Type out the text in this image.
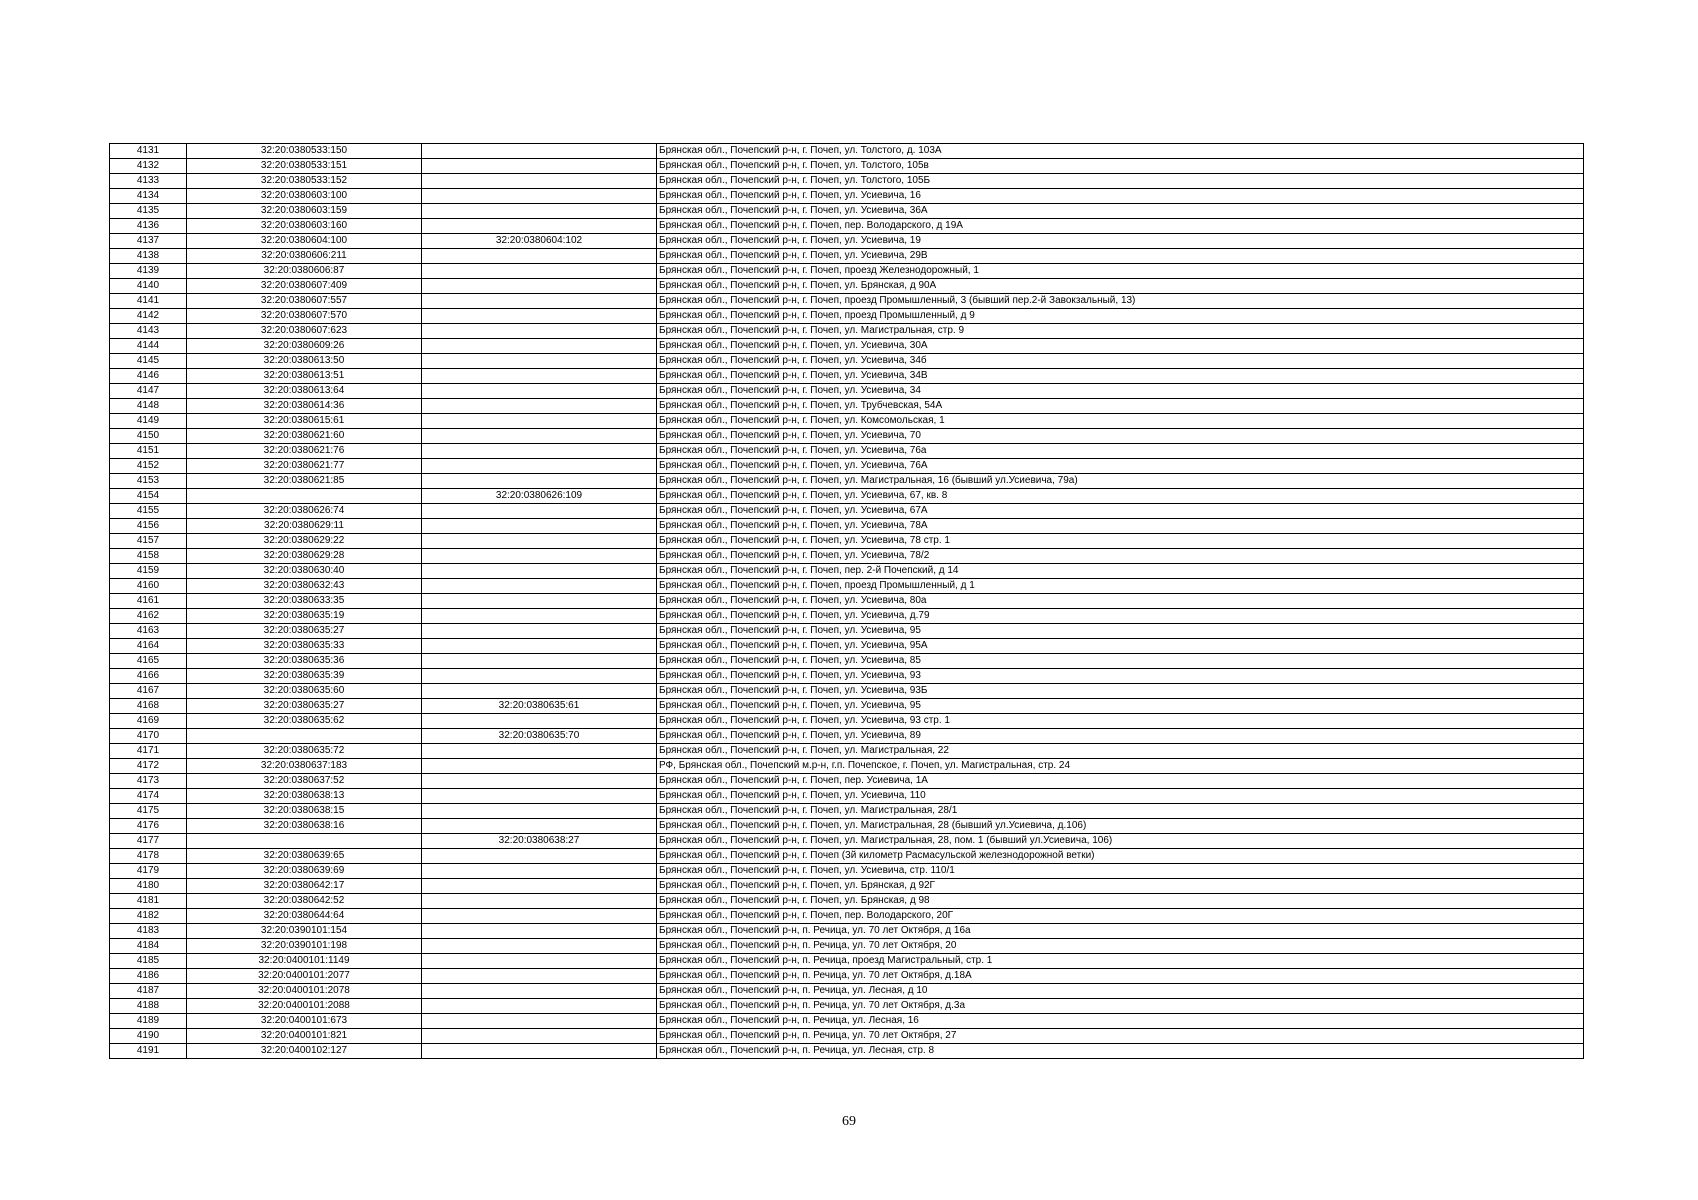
4131	32:20:0380533:150		Брянская обл., Почепский р-н, г. Почеп, ул. Толстого, д. 103А
4132	32:20:0380533:151		Брянская обл., Почепский р-н, г. Почеп, ул. Толстого, 105в
4133	32:20:0380533:152		Брянская обл., Почепский р-н, г. Почеп, ул. Толстого, 105Б
4134	32:20:0380603:100		Брянская обл., Почепский р-н, г. Почеп, ул. Усиевича, 16
4135	32:20:0380603:159		Брянская обл., Почепский р-н, г. Почеп, ул. Усиевича, 36А
4136	32:20:0380603:160		Брянская обл., Почепский р-н, г. Почеп, пер. Володарского, д 19А
4137	32:20:0380604:100	32:20:0380604:102	Брянская обл., Почепский р-н, г. Почеп, ул. Усиевича, 19
4138	32:20:0380606:211		Брянская обл., Почепский р-н, г. Почеп, ул. Усиевича, 29В
4139	32:20:0380606:87		Брянская обл., Почепский р-н, г. Почеп, проезд Железнодорожный, 1
4140	32:20:0380607:409		Брянская обл., Почепский р-н, г. Почеп, ул. Брянская, д 90А
4141	32:20:0380607:557		Брянская обл., Почепский р-н, г. Почеп, проезд Промышленный, 3 (бывший пер.2-й Завокзальный, 13)
4142	32:20:0380607:570		Брянская обл., Почепский р-н, г. Почеп, проезд Промышленный, д 9
4143	32:20:0380607:623		Брянская обл., Почепский р-н, г. Почеп, ул. Магистральная, стр. 9
4144	32:20:0380609:26		Брянская обл., Почепский р-н, г. Почеп, ул. Усиевича, 30А
4145	32:20:0380613:50		Брянская обл., Почепский р-н, г. Почеп, ул. Усиевича, 34б
4146	32:20:0380613:51		Брянская обл., Почепский р-н, г. Почеп, ул. Усиевича, 34В
4147	32:20:0380613:64		Брянская обл., Почепский р-н, г. Почеп, ул. Усиевича, 34
4148	32:20:0380614:36		Брянская обл., Почепский р-н, г. Почеп, ул. Трубчевская, 54А
4149	32:20:0380615:61		Брянская обл., Почепский р-н, г. Почеп, ул. Комсомольская, 1
4150	32:20:0380621:60		Брянская обл., Почепский р-н, г. Почеп, ул. Усиевича, 70
4151	32:20:0380621:76		Брянская обл., Почепский р-н, г. Почеп, ул. Усиевича, 76а
4152	32:20:0380621:77		Брянская обл., Почепский р-н, г. Почеп, ул. Усиевича, 76А
4153	32:20:0380621:85		Брянская обл., Почепский р-н, г. Почеп, ул. Магистральная, 16 (бывший ул.Усиевича, 79а)
4154		32:20:0380626:109	Брянская обл., Почепский р-н, г. Почеп, ул. Усиевича, 67, кв. 8
4155	32:20:0380626:74		Брянская обл., Почепский р-н, г. Почеп, ул. Усиевича, 67А
4156	32:20:0380629:11		Брянская обл., Почепский р-н, г. Почеп, ул. Усиевича, 78А
4157	32:20:0380629:22		Брянская обл., Почепский р-н, г. Почеп, ул. Усиевича, 78 стр. 1
4158	32:20:0380629:28		Брянская обл., Почепский р-н, г. Почеп, ул. Усиевича, 78/2
4159	32:20:0380630:40		Брянская обл., Почепский р-н, г. Почеп, пер. 2-й Почепский, д 14
4160	32:20:0380632:43		Брянская обл., Почепский р-н, г. Почеп, проезд Промышленный, д 1
4161	32:20:0380633:35		Брянская обл., Почепский р-н, г. Почеп, ул. Усиевича, 80а
4162	32:20:0380635:19		Брянская обл., Почепский р-н, г. Почеп, ул. Усиевича, д.79
4163	32:20:0380635:27		Брянская обл., Почепский р-н, г. Почеп, ул. Усиевича, 95
4164	32:20:0380635:33		Брянская обл., Почепский р-н, г. Почеп, ул. Усиевича, 95А
4165	32:20:0380635:36		Брянская обл., Почепский р-н, г. Почеп, ул. Усиевича, 85
4166	32:20:0380635:39		Брянская обл., Почепский р-н, г. Почеп, ул. Усиевича, 93
4167	32:20:0380635:60		Брянская обл., Почепский р-н, г. Почеп, ул. Усиевича, 93Б
4168	32:20:0380635:27	32:20:0380635:61	Брянская обл., Почепский р-н, г. Почеп, ул. Усиевича, 95
4169	32:20:0380635:62		Брянская обл., Почепский р-н, г. Почеп, ул. Усиевича, 93 стр. 1
4170		32:20:0380635:70	Брянская обл., Почепский р-н, г. Почеп, ул. Усиевича, 89
4171	32:20:0380635:72		Брянская обл., Почепский р-н, г. Почеп, ул. Магистральная, 22
4172	32:20:0380637:183		РФ, Брянская обл., Почепский м.р-н, г.п. Почепское, г. Почеп, ул. Магистральная, стр. 24
4173	32:20:0380637:52		Брянская обл., Почепский р-н, г. Почеп, пер. Усиевича, 1А
4174	32:20:0380638:13		Брянская обл., Почепский р-н, г. Почеп, ул. Усиевича, 110
4175	32:20:0380638:15		Брянская обл., Почепский р-н, г. Почеп, ул. Магистральная, 28/1
4176	32:20:0380638:16		Брянская обл., Почепский р-н, г. Почеп, ул. Магистральная, 28 (бывший ул.Усиевича, д.106)
4177		32:20:0380638:27	Брянская обл., Почепский р-н, г. Почеп, ул. Магистральная, 28, пом. 1 (бывший ул.Усиевича, 106)
4178	32:20:0380639:65		Брянская обл., Почепский р-н, г. Почеп (3й километр Расмасульской железнодорожной ветки)
4179	32:20:0380639:69		Брянская обл., Почепский р-н, г. Почеп, ул. Усиевича, стр. 110/1
4180	32:20:0380642:17		Брянская обл., Почепский р-н, г. Почеп, ул. Брянская, д 92Г
4181	32:20:0380642:52		Брянская обл., Почепский р-н, г. Почеп, ул. Брянская, д 98
4182	32:20:0380644:64		Брянская обл., Почепский р-н, г. Почеп, пер. Володарского, 20Г
4183	32:20:0390101:154		Брянская обл., Почепский р-н, п. Речица, ул. 70 лет Октября, д 16а
4184	32:20:0390101:198		Брянская обл., Почепский р-н, п. Речица, ул. 70 лет Октября, 20
4185	32:20:0400101:1149		Брянская обл., Почепский р-н, п. Речица, проезд Магистральный, стр. 1
4186	32:20:0400101:2077		Брянская обл., Почепский р-н, п. Речица, ул. 70 лет Октября, д.18А
4187	32:20:0400101:2078		Брянская обл., Почепский р-н, п. Речица, ул. Лесная, д 10
4188	32:20:0400101:2088		Брянская обл., Почепский р-н, п. Речица, ул. 70 лет Октября, д.3а
4189	32:20:0400101:673		Брянская обл., Почепский р-н, п. Речица, ул. Лесная, 16
4190	32:20:0400101:821		Брянская обл., Почепский р-н, п. Речица, ул. 70 лет Октября, 27
4191	32:20:0400102:127		Брянская обл., Почепский р-н, п. Речица, ул. Лесная, стр. 8
69
